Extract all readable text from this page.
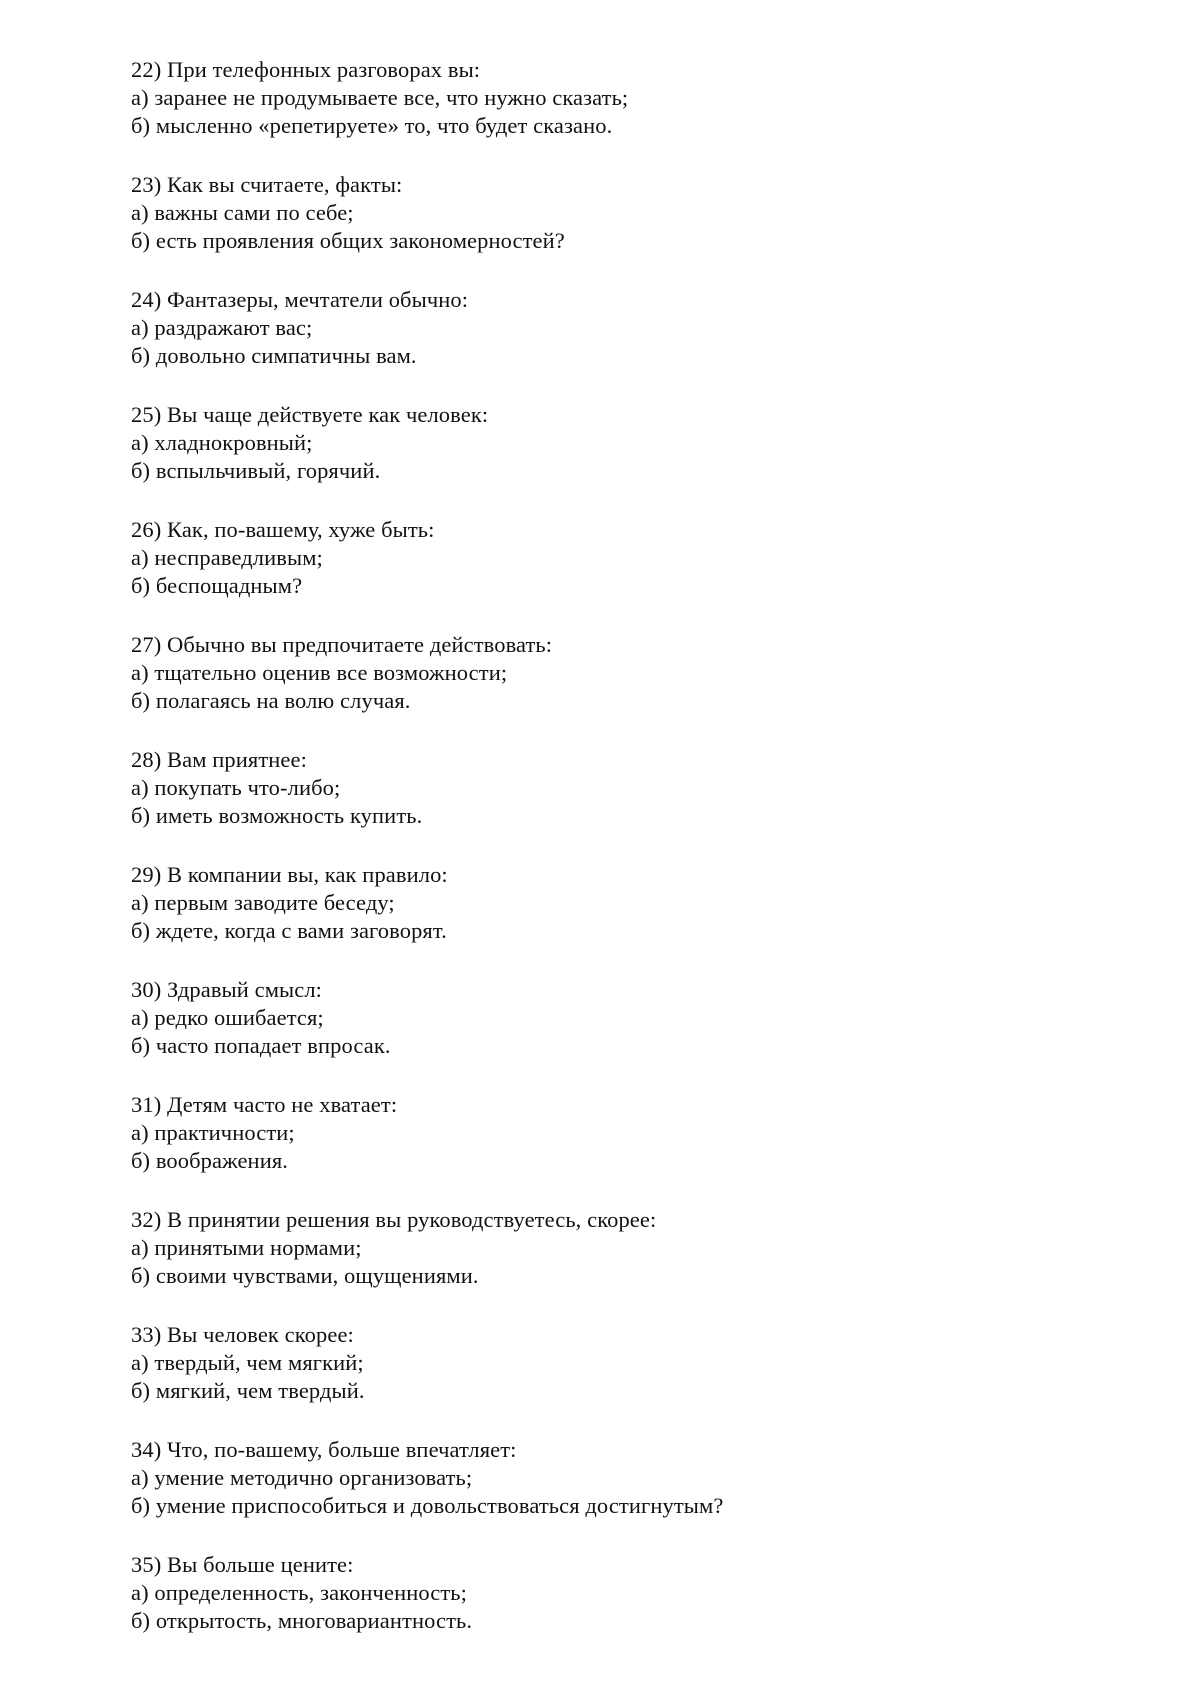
22) При телефонных разговорах вы:
а) заранее не продумываете все, что нужно сказать;
б) мысленно «репетируете» то, что будет сказано.
23) Как вы считаете, факты:
а) важны сами по себе;
б) есть проявления общих закономерностей?
24) Фантазеры, мечтатели обычно:
а) раздражают вас;
б) довольно симпатичны вам.
25) Вы чаще действуете как человек:
а) хладнокровный;
б) вспыльчивый, горячий.
26) Как, по-вашему, хуже быть:
а) несправедливым;
б) беспощадным?
27) Обычно вы предпочитаете действовать:
а) тщательно оценив все возможности;
б) полагаясь на волю случая.
28) Вам приятнее:
а) покупать что-либо;
б) иметь возможность купить.
29) В компании вы, как правило:
а) первым заводите беседу;
б) ждете, когда с вами заговорят.
30) Здравый смысл:
а) редко ошибается;
б) часто попадает впросак.
31) Детям часто не хватает:
а) практичности;
б) воображения.
32) В принятии решения вы руководствуетесь, скорее:
а) принятыми нормами;
б) своими чувствами, ощущениями.
33) Вы человек скорее:
а) твердый, чем мягкий;
б) мягкий, чем твердый.
34) Что, по-вашему, больше впечатляет:
а) умение методично организовать;
б) умение приспособиться и довольствоваться достигнутым?
35) Вы больше цените:
а) определенность, законченность;
б) открытость, многовариантность.
